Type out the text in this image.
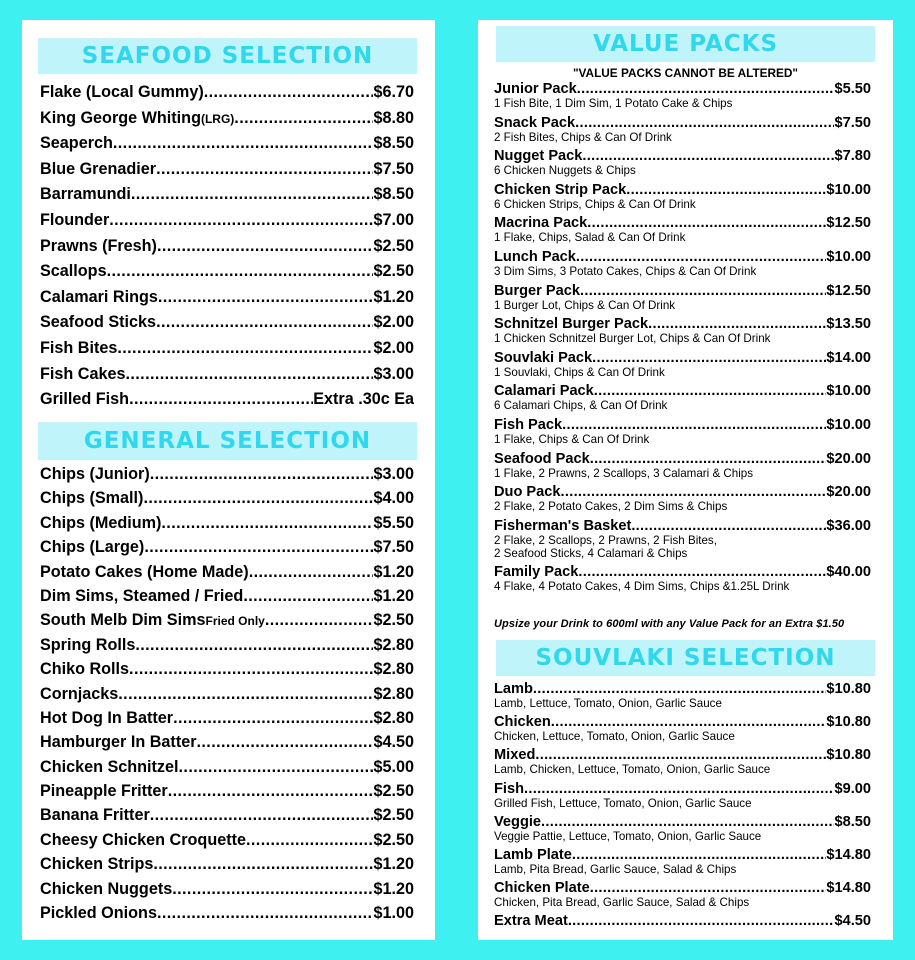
SEAFOOD SELECTION
Flake (Local Gummy) .....	$6.70
King George Whiting (LRG) .....	$8.80
Seaperch .....	$8.50
Blue Grenadier .....	$7.50
Barramundi .....	$8.50
Flounder .....	$7.00
Prawns (Fresh) .....	$2.50
Scallops .....	$2.50
Calamari Rings .....	$1.20
Seafood Sticks .....	$2.00
Fish Bites .....	$2.00
Fish Cakes .....	$3.00
Grilled Fish .....	Extra .30c Ea
GENERAL SELECTION
Chips (Junior) .....	$3.00
Chips (Small) .....	$4.00
Chips (Medium) .....	$5.50
Chips (Large) .....	$7.50
Potato Cakes (Home Made) .....	$1.20
Dim Sims, Steamed / Fried .....	$1.20
South Melb Dim Sims Fried Only .....	$2.50
Spring Rolls .....	$2.80
Chiko Rolls .....	$2.80
Cornjacks .....	$2.80
Hot Dog In Batter .....	$2.80
Hamburger In Batter .....	$4.50
Chicken Schnitzel .....	$5.00
Pineapple Fritter .....	$2.50
Banana Fritter .....	$2.50
Cheesy Chicken Croquette .....	$2.50
Chicken Strips .....	$1.20
Chicken Nuggets .....	$1.20
Pickled Onions .....	$1.00
VALUE PACKS
"VALUE PACKS CANNOT BE ALTERED"
Junior Pack .....	$5.50
1 Fish Bite, 1 Dim Sim, 1 Potato Cake & Chips
Snack Pack .....	$7.50
2 Fish Bites, Chips & Can Of Drink
Nugget Pack .....	$7.80
6 Chicken Nuggets & Chips
Chicken Strip Pack .....	$10.00
6 Chicken Strips, Chips & Can Of Drink
Macrina Pack .....	$12.50
1 Flake, Chips, Salad & Can Of Drink
Lunch Pack .....	$10.00
3 Dim Sims, 3 Potato Cakes, Chips & Can Of Drink
Burger Pack .....	$12.50
1 Burger Lot, Chips & Can Of Drink
Schnitzel Burger Pack .....	$13.50
1 Chicken Schnitzel Burger Lot, Chips & Can Of Drink
Souvlaki Pack .....	$14.00
1 Souvlaki, Chips & Can Of Drink
Calamari Pack .....	$10.00
6 Calamari Chips, & Can Of Drink
Fish Pack .....	$10.00
1 Flake, Chips & Can Of Drink
Seafood Pack .....	$20.00
1 Flake, 2 Prawns, 2 Scallops, 3 Calamari & Chips
Duo Pack .....	$20.00
2 Flake, 2 Potato Cakes, 2 Dim Sims & Chips
Fisherman's Basket .....	$36.00
2 Flake, 2 Scallops, 2 Prawns, 2 Fish Bites,
2 Seafood Sticks, 4 Calamari & Chips
Family Pack .....	$40.00
4 Flake, 4 Potato Cakes, 4 Dim Sims, Chips &1.25L Drink
Upsize your Drink to 600ml with any Value Pack for an Extra $1.50
SOUVLAKI SELECTION
Lamb .....	$10.80
Lamb, Lettuce, Tomato, Onion, Garlic Sauce
Chicken .....	$10.80
Chicken, Lettuce, Tomato, Onion, Garlic Sauce
Mixed .....	$10.80
Lamb, Chicken, Lettuce, Tomato, Onion, Garlic Sauce
Fish .....	$9.00
Grilled Fish, Lettuce, Tomato, Onion, Garlic Sauce
Veggie .....	$8.50
Veggie Pattie, Lettuce, Tomato, Onion, Garlic Sauce
Lamb Plate .....	$14.80
Lamb, Pita Bread, Garlic Sauce, Salad & Chips
Chicken Plate .....	$14.80
Chicken, Pita Bread, Garlic Sauce, Salad & Chips
Extra Meat .....	$4.50
